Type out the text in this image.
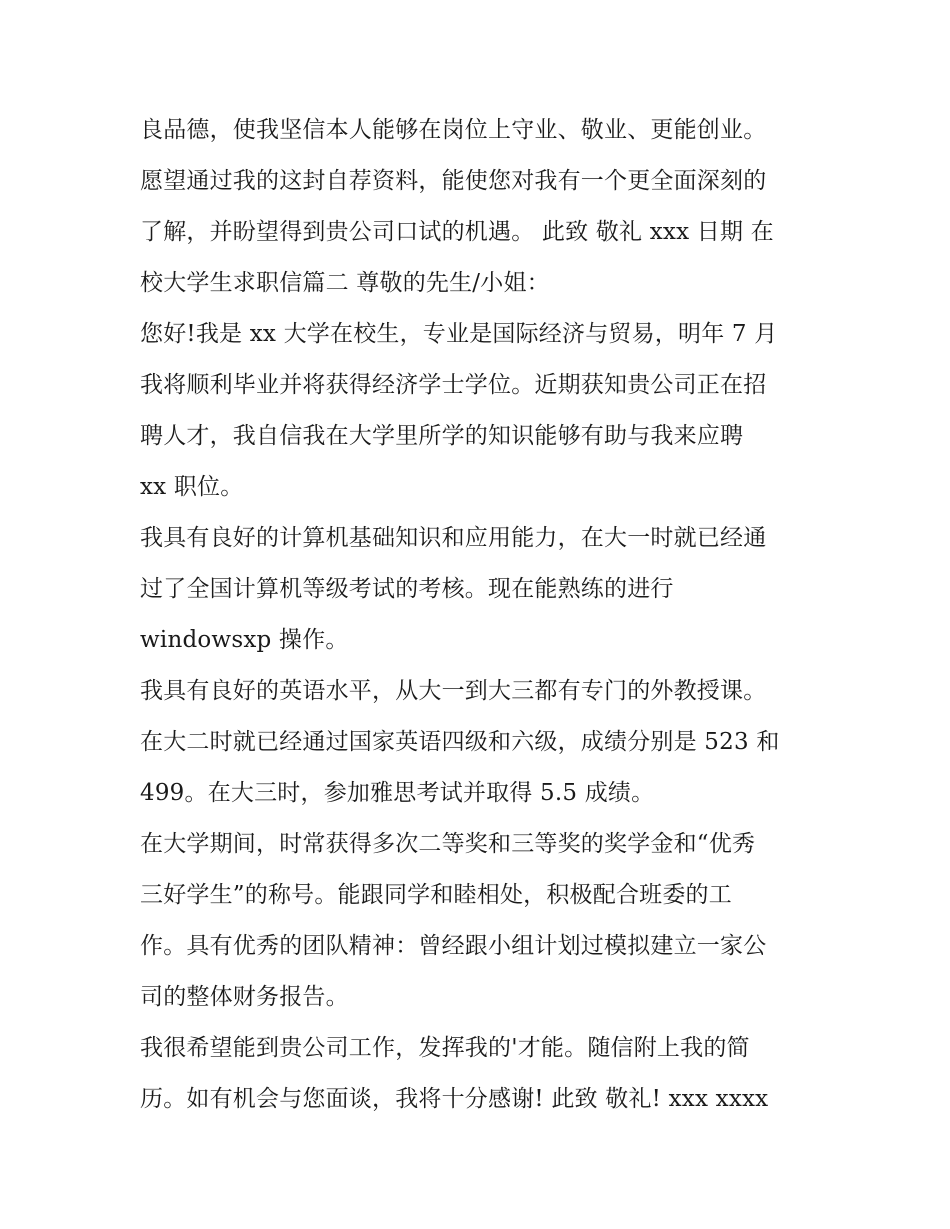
良品德，使我坚信本人能够在岗位上守业、敬业、更能创业。
愿望通过我的这封自荐资料，能使您对我有一个更全面深刻的
了解，并盼望得到贵公司口试的机遇。 此致 敬礼 xxx 日期 在
校大学生求职信篇二 尊敬的先生/小姐：
您好!我是 xx 大学在校生，专业是国际经济与贸易，明年 7 月
我将顺利毕业并将获得经济学士学位。近期获知贵公司正在招
聘人才，我自信我在大学里所学的知识能够有助与我来应聘
xx 职位。
我具有良好的计算机基础知识和应用能力，在大一时就已经通
过了全国计算机等级考试的考核。现在能熟练的进行
windowsxp 操作。
我具有良好的英语水平，从大一到大三都有专门的外教授课。
在大二时就已经通过国家英语四级和六级，成绩分别是 523 和
499。在大三时，参加雅思考试并取得 5.5 成绩。
在大学期间，时常获得多次二等奖和三等奖的奖学金和“优秀
三好学生”的称号。能跟同学和睦相处，积极配合班委的工
作。具有优秀的团队精神：曾经跟小组计划过模拟建立一家公
司的整体财务报告。
我很希望能到贵公司工作，发挥我的'才能。随信附上我的简
历。如有机会与您面谈，我将十分感谢! 此致 敬礼! xxx xxxx
